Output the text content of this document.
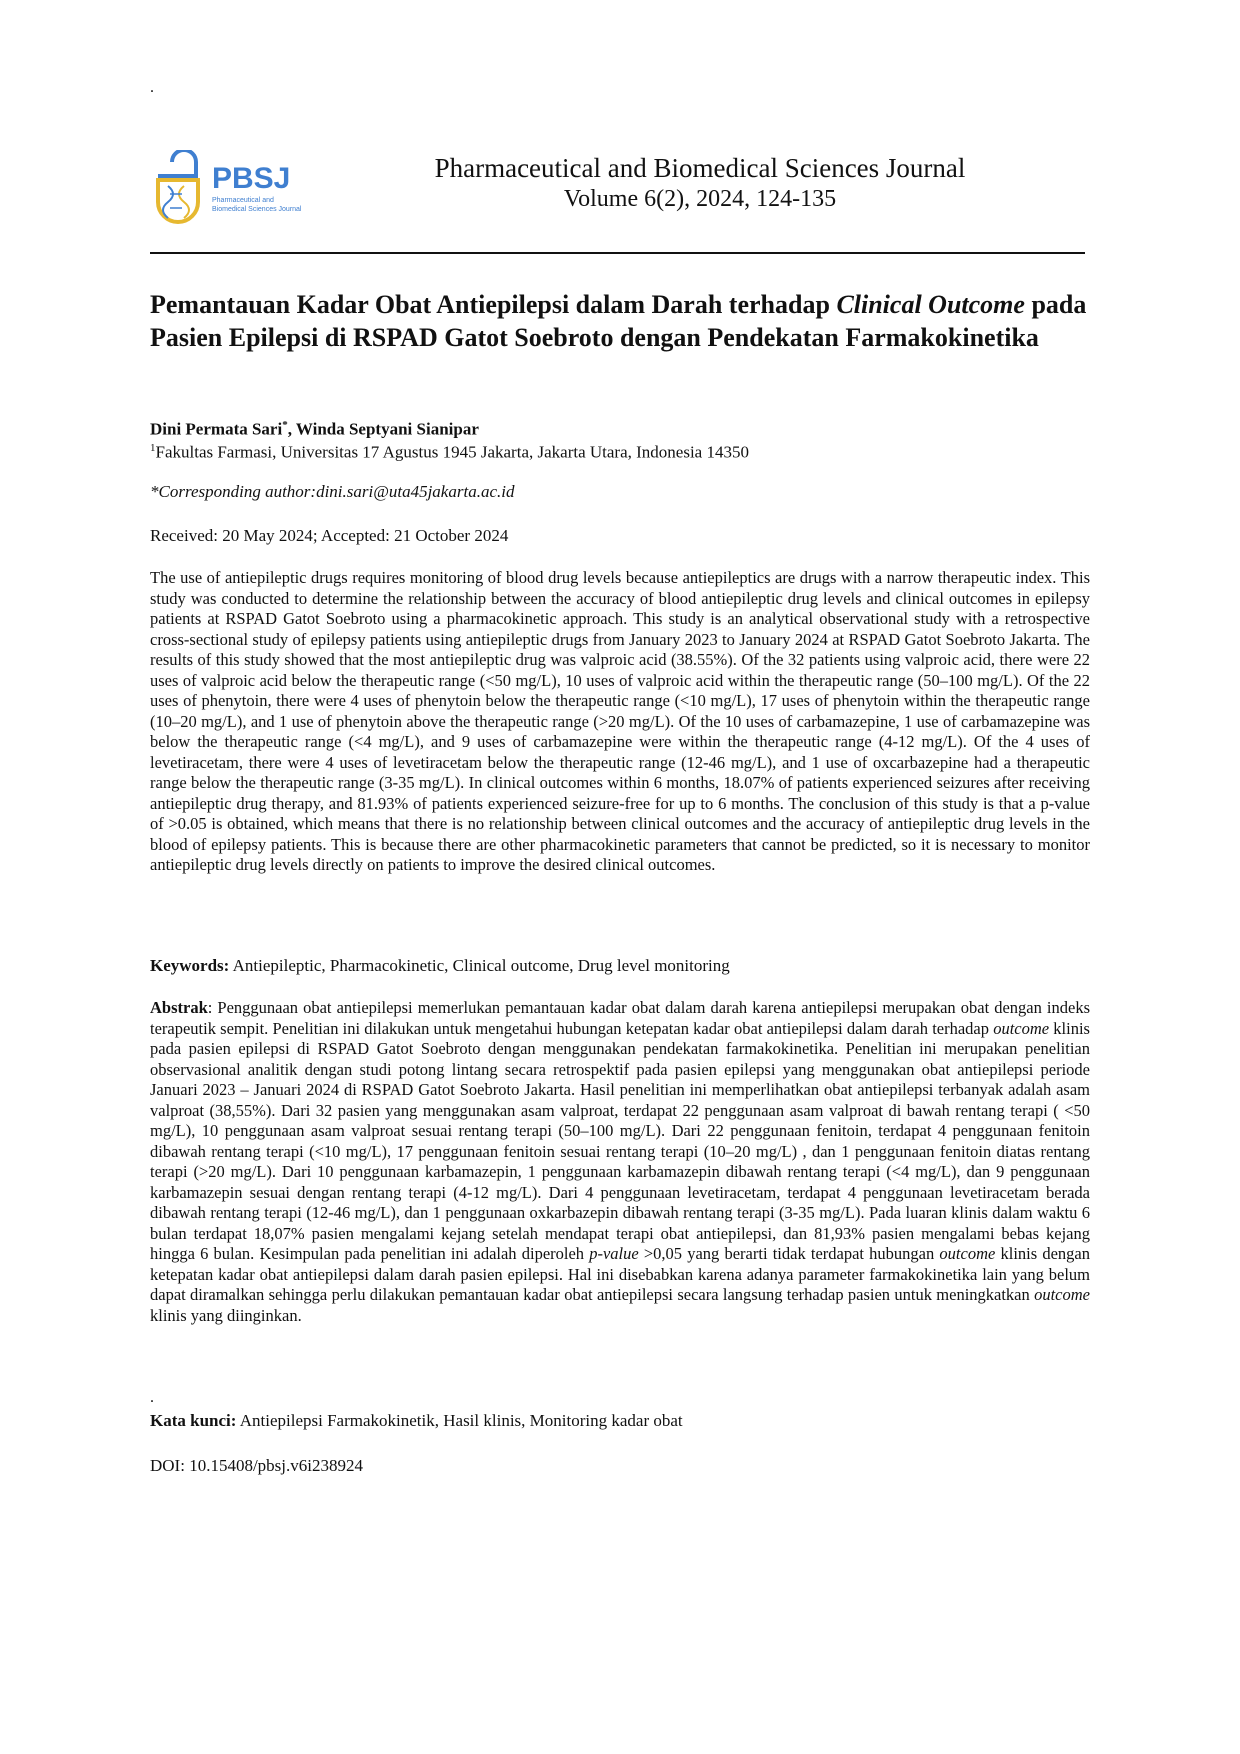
.
PBSJ
Pharmaceutical and
Biomedical Sciences Journal
Pharmaceutical and Biomedical Sciences Journal
Volume 6(2), 2024, 124-135
Pemantauan Kadar Obat Antiepilepsi dalam Darah terhadap Clinical Outcome pada Pasien Epilepsi di RSPAD Gatot Soebroto dengan Pendekatan Farmakokinetika
Dini Permata Sari*, Winda Septyani Sianipar
$^1$Fakultas Farmasi, Universitas 17 Agustus 1945 Jakarta, Jakarta Utara, Indonesia 14350
*Corresponding author:dini.sari@uta45jakarta.ac.id
Received: 20 May 2024; Accepted: 21 October 2024
The use of antiepileptic drugs requires monitoring of blood drug levels because antiepileptics are drugs with a narrow therapeutic index. This study was conducted to determine the relationship between the accuracy of blood antiepileptic drug levels and clinical outcomes in epilepsy patients at RSPAD Gatot Soebroto using a pharmacokinetic approach. This study is an analytical observational study with a retrospective cross-sectional study of epilepsy patients using antiepileptic drugs from January 2023 to January 2024 at RSPAD Gatot Soebroto Jakarta. The results of this study showed that the most antiepileptic drug was valproic acid (38.55%). Of the 32 patients using valproic acid, there were 22 uses of valproic acid below the therapeutic range (<50 mg/L), 10 uses of valproic acid within the therapeutic range (50–100 mg/L). Of the 22 uses of phenytoin, there were 4 uses of phenytoin below the therapeutic range (<10 mg/L), 17 uses of phenytoin within the therapeutic range (10–20 mg/L), and 1 use of phenytoin above the therapeutic range (>20 mg/L). Of the 10 uses of carbamazepine, 1 use of carbamazepine was below the therapeutic range (<4 mg/L), and 9 uses of carbamazepine were within the therapeutic range (4-12 mg/L). Of the 4 uses of levetiracetam, there were 4 uses of levetiracetam below the therapeutic range (12-46 mg/L), and 1 use of oxcarbazepine had a therapeutic range below the therapeutic range (3-35 mg/L). In clinical outcomes within 6 months, 18.07% of patients experienced seizures after receiving antiepileptic drug therapy, and 81.93% of patients experienced seizure-free for up to 6 months. The conclusion of this study is that a p-value of >0.05 is obtained, which means that there is no relationship between clinical outcomes and the accuracy of antiepileptic drug levels in the blood of epilepsy patients. This is because there are other pharmacokinetic parameters that cannot be predicted, so it is necessary to monitor antiepileptic drug levels directly on patients to improve the desired clinical outcomes.
Keywords: Antiepileptic, Pharmacokinetic, Clinical outcome, Drug level monitoring
Abstrak: Penggunaan obat antiepilepsi memerlukan pemantauan kadar obat dalam darah karena antiepilepsi merupakan obat dengan indeks terapeutik sempit. Penelitian ini dilakukan untuk mengetahui hubungan ketepatan kadar obat antiepilepsi dalam darah terhadap outcome klinis pada pasien epilepsi di RSPAD Gatot Soebroto dengan menggunakan pendekatan farmakokinetika. Penelitian ini merupakan penelitian observasional analitik dengan studi potong lintang secara retrospektif pada pasien epilepsi yang menggunakan obat antiepilepsi periode Januari 2023 – Januari 2024 di RSPAD Gatot Soebroto Jakarta. Hasil penelitian ini memperlihatkan obat antiepilepsi terbanyak adalah asam valproat (38,55%). Dari 32 pasien yang menggunakan asam valproat, terdapat 22 penggunaan asam valproat di bawah rentang terapi ( <50 mg/L), 10 penggunaan asam valproat sesuai rentang terapi (50–100 mg/L). Dari 22 penggunaan fenitoin, terdapat 4 penggunaan fenitoin dibawah rentang terapi (<10 mg/L), 17 penggunaan fenitoin sesuai rentang terapi (10–20 mg/L) , dan 1 penggunaan fenitoin diatas rentang terapi (>20 mg/L). Dari 10 penggunaan karbamazepin, 1 penggunaan karbamazepin dibawah rentang terapi (<4 mg/L), dan 9 penggunaan karbamazepin sesuai dengan rentang terapi (4-12 mg/L). Dari 4 penggunaan levetiracetam, terdapat 4 penggunaan levetiracetam berada dibawah rentang terapi (12-46 mg/L), dan 1 penggunaan oxkarbazepin dibawah rentang terapi (3-35 mg/L). Pada luaran klinis dalam waktu 6 bulan terdapat 18,07% pasien mengalami kejang setelah mendapat terapi obat antiepilepsi, dan 81,93% pasien mengalami bebas kejang hingga 6 bulan. Kesimpulan pada penelitian ini adalah diperoleh p-value >0,05 yang berarti tidak terdapat hubungan outcome klinis dengan ketepatan kadar obat antiepilepsi dalam darah pasien epilepsi. Hal ini disebabkan karena adanya parameter farmakokinetika lain yang belum dapat diramalkan sehingga perlu dilakukan pemantauan kadar obat antiepilepsi secara langsung terhadap pasien untuk meningkatkan outcome klinis yang diinginkan.
.
Kata kunci: Antiepilepsi Farmakokinetik, Hasil klinis, Monitoring kadar obat
DOI: 10.15408/pbsj.v6i238924
